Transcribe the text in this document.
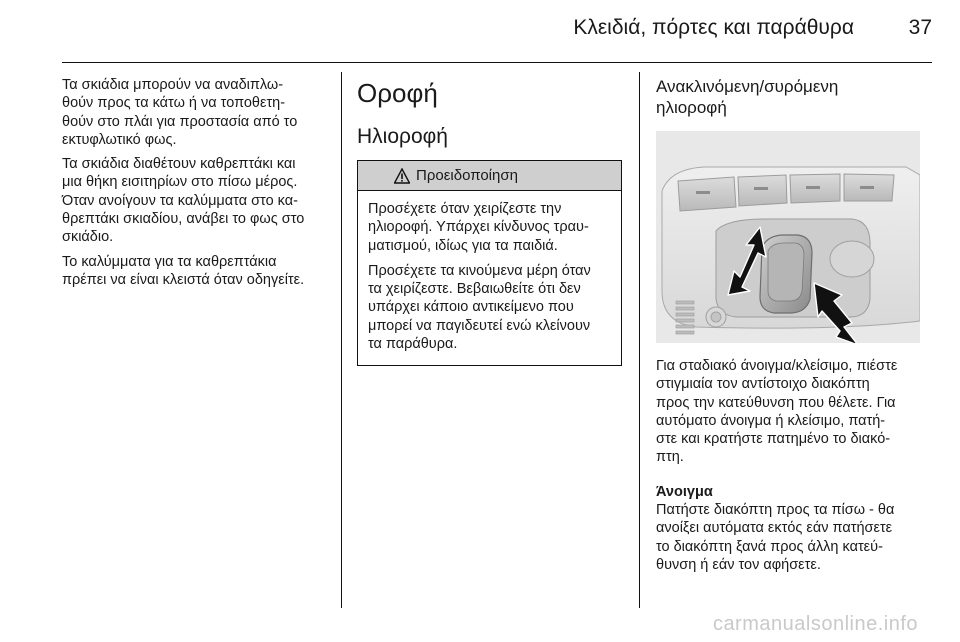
Κλειδιά, πόρτες και παράθυρα	37
Τα σκιάδια μπορούν να αναδιπλω-
θούν προς τα κάτω ή να τοποθετη-
θούν στο πλάι για προστασία από το
εκτυφλωτικό φως.
Τα σκιάδια διαθέτουν καθρεπτάκι και
μια θήκη εισιτηρίων στο πίσω μέρος.
Όταν ανοίγουν τα καλύμματα στο κα-
θρεπτάκι σκιαδίου, ανάβει το φως στο
σκιάδιο.
Το καλύμματα για τα καθρεπτάκια
πρέπει να είναι κλειστά όταν οδηγείτε.
Οροφή
Ηλιοροφή
Προειδοποίηση
Προσέχετε όταν χειρίζεστε την
ηλιοροφή. Υπάρχει κίνδυνος τραυ-
ματισμού, ιδίως για τα παιδιά.
Προσέχετε τα κινούμενα μέρη όταν
τα χειρίζεστε. Βεβαιωθείτε ότι δεν
υπάρχει κάποιο αντικείμενο που
μπορεί να παγιδευτεί ενώ κλείνουν
τα παράθυρα.
Ανακλινόμενη/συρόμενη
ηλιοροφή
Για σταδιακό άνοιγμα/κλείσιμο, πιέστε
στιγμιαία τον αντίστοιχο διακόπτη
προς την κατεύθυνση που θέλετε. Για
αυτόματο άνοιγμα ή κλείσιμο, πατή-
στε και κρατήστε πατημένο το διακό-
πτη.
Άνοιγμα
Πατήστε διακόπτη προς τα πίσω - θα
ανοίξει αυτόματα εκτός εάν πατήσετε
το διακόπτη ξανά προς άλλη κατεύ-
θυνση ή εάν τον αφήσετε.
carmanualsonline.info
